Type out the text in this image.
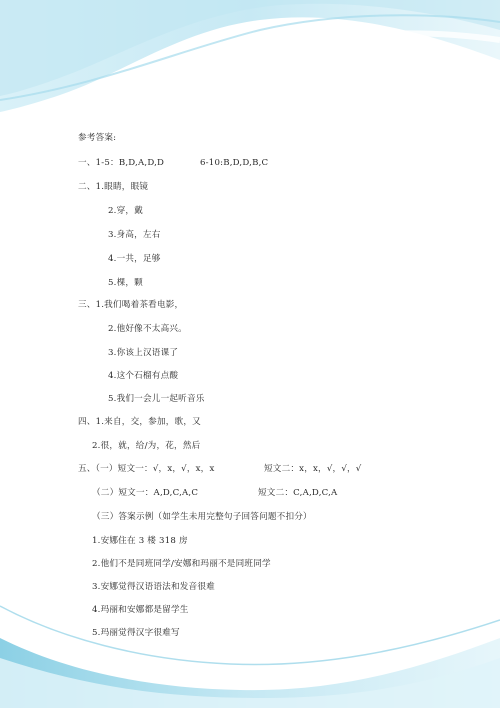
参考答案:
一、1-5：B,D,A,D,D	6-10:B,D,D,B,C
二、1.眼睛，眼镜
2.穿，戴
3.身高，左右
4.一共，足够
5.棵，颗
三、1.我们喝着茶看电影，
2.他好像不太高兴。
3.你该上汉语课了
4.这个石榴有点酸
5.我们一会儿一起听音乐
四、1.来自，交，参加，歌，又
2.很，就，给/为，花，然后
五、（一）短文一：√，x，√，x，x	短文二：x，x，√，√，√
（二）短文一：A,D,C,A,C	短文二：C,A,D,C,A
（三）答案示例（如学生未用完整句子回答问题不扣分）
1.安娜住在 3 楼 318 房
2.他们不是同班同学/安娜和玛丽不是同班同学
3.安娜觉得汉语语法和发音很难
4.玛丽和安娜都是留学生
5.玛丽觉得汉字很难写
